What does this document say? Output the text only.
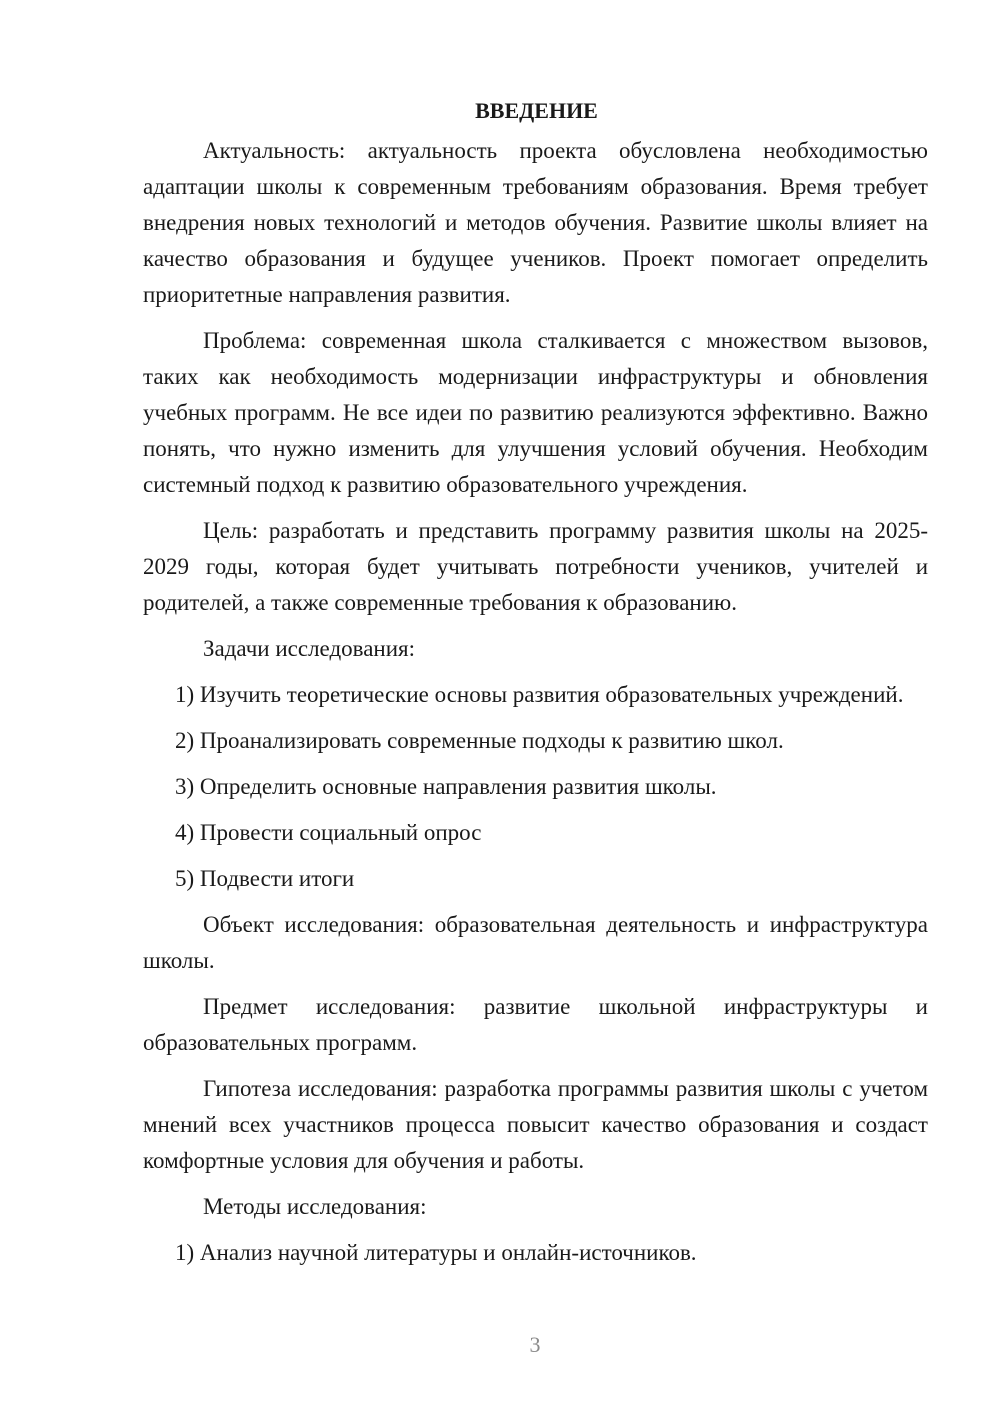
ВВЕДЕНИЕ

Актуальность: актуальность проекта обусловлена необходимостью адаптации школы к современным требованиям образования. Время требует внедрения новых технологий и методов обучения. Развитие школы влияет на качество образования и будущее учеников. Проект помогает определить приоритетные направления развития.

Проблема: современная школа сталкивается с множеством вызовов, таких как необходимость модернизации инфраструктуры и обновления учебных программ. Не все идеи по развитию реализуются эффективно. Важно понять, что нужно изменить для улучшения условий обучения. Необходим системный подход к развитию образовательного учреждения.

Цель: разработать и представить программу развития школы на 2025-2029 годы, которая будет учитывать потребности учеников, учителей и родителей, а также современные требования к образованию.

Задачи исследования:

1) Изучить теоретические основы развития образовательных учреждений.

2) Проанализировать современные подходы к развитию школ.

3) Определить основные направления развития школы.

4) Провести социальный опрос

5) Подвести итоги

Объект исследования: образовательная деятельность и инфраструктура школы.

Предмет исследования: развитие школьной инфраструктуры и образовательных программ.

Гипотеза исследования: разработка программы развития школы с учетом мнений всех участников процесса повысит качество образования и создаст комфортные условия для обучения и работы.

Методы исследования:

1) Анализ научной литературы и онлайн-источников.

3
